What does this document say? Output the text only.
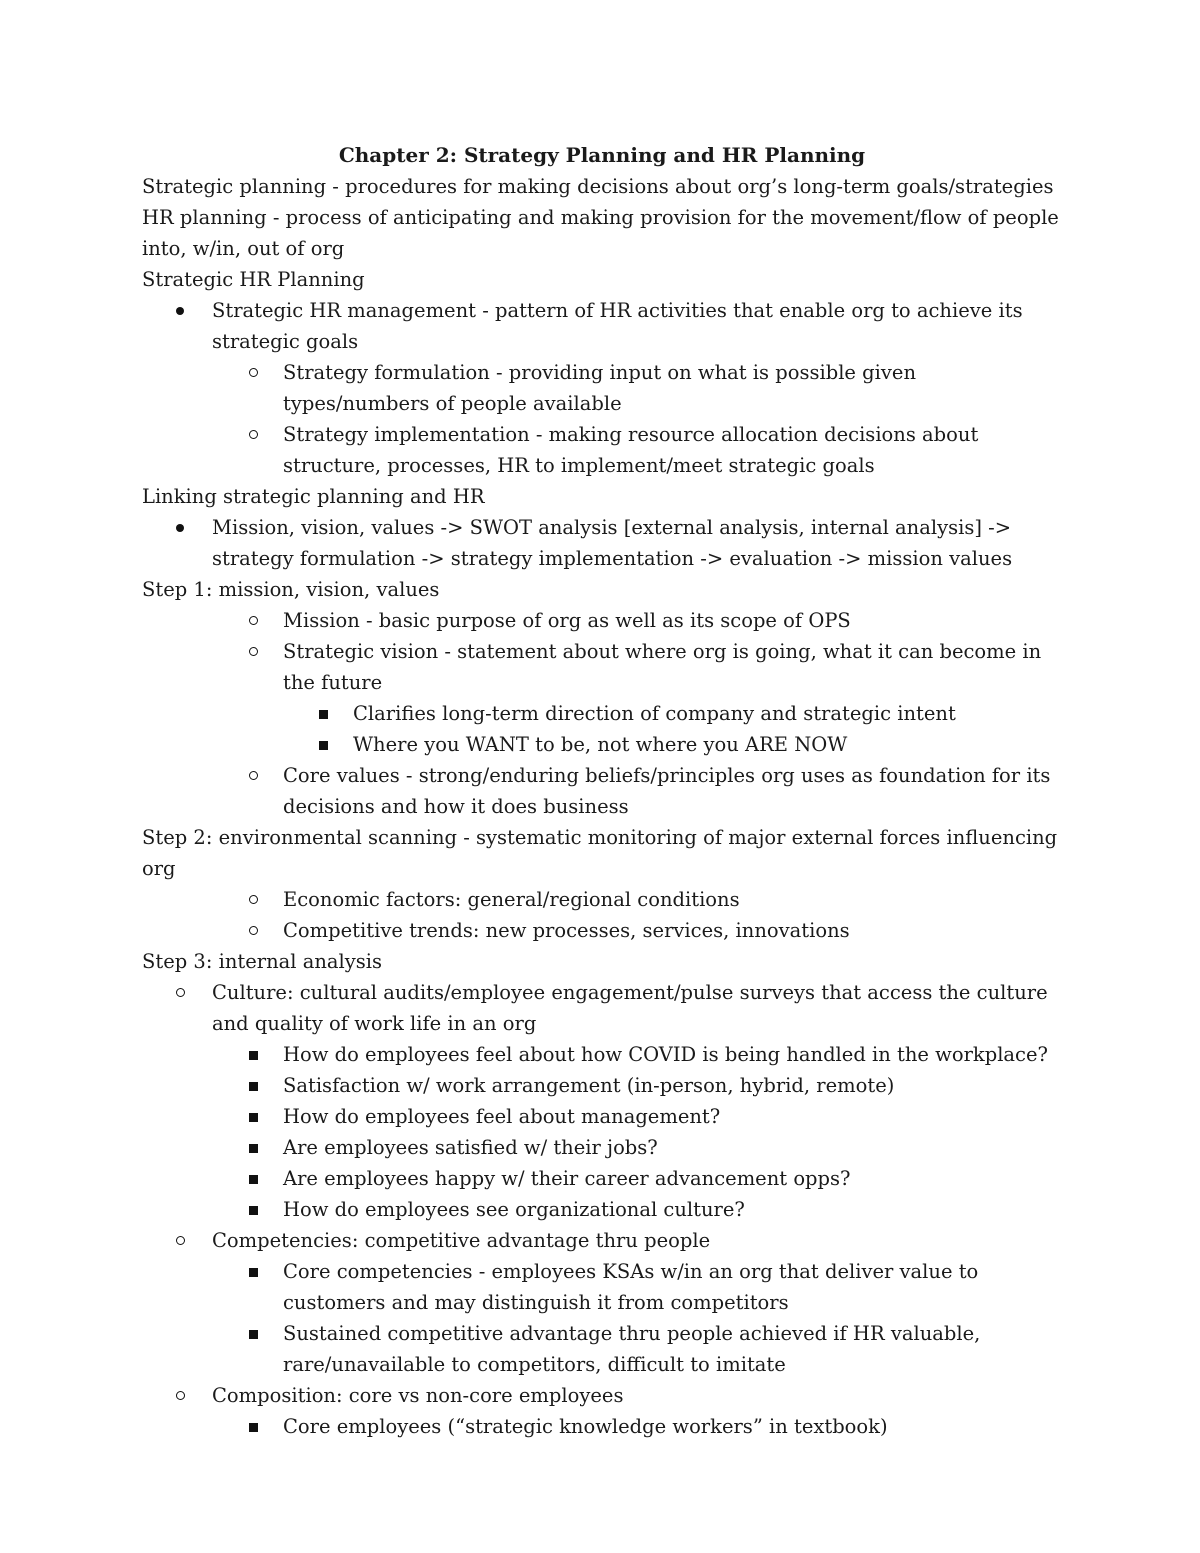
Chapter 2: Strategy Planning and HR Planning
Strategic planning - procedures for making decisions about org’s long-term goals/strategies
HR planning - process of anticipating and making provision for the movement/flow of people into, w/in, out of org
Strategic HR Planning
Strategic HR management - pattern of HR activities that enable org to achieve its strategic goals
Strategy formulation - providing input on what is possible given types/numbers of people available
Strategy implementation - making resource allocation decisions about structure, processes, HR to implement/meet strategic goals
Linking strategic planning and HR
Mission, vision, values -> SWOT analysis [external analysis, internal analysis] -> strategy formulation -> strategy implementation -> evaluation -> mission values
Step 1: mission, vision, values
Mission - basic purpose of org as well as its scope of OPS
Strategic vision - statement about where org is going, what it can become in the future
Clarifies long-term direction of company and strategic intent
Where you WANT to be, not where you ARE NOW
Core values - strong/enduring beliefs/principles org uses as foundation for its decisions and how it does business
Step 2: environmental scanning - systematic monitoring of major external forces influencing org
Economic factors: general/regional conditions
Competitive trends: new processes, services, innovations
Step 3: internal analysis
Culture: cultural audits/employee engagement/pulse surveys that access the culture and quality of work life in an org
How do employees feel about how COVID is being handled in the workplace?
Satisfaction w/ work arrangement (in-person, hybrid, remote)
How do employees feel about management?
Are employees satisfied w/ their jobs?
Are employees happy w/ their career advancement opps?
How do employees see organizational culture?
Competencies: competitive advantage thru people
Core competencies - employees KSAs w/in an org that deliver value to customers and may distinguish it from competitors
Sustained competitive advantage thru people achieved if HR valuable, rare/unavailable to competitors, difficult to imitate
Composition: core vs non-core employees
Core employees (“strategic knowledge workers” in textbook)
